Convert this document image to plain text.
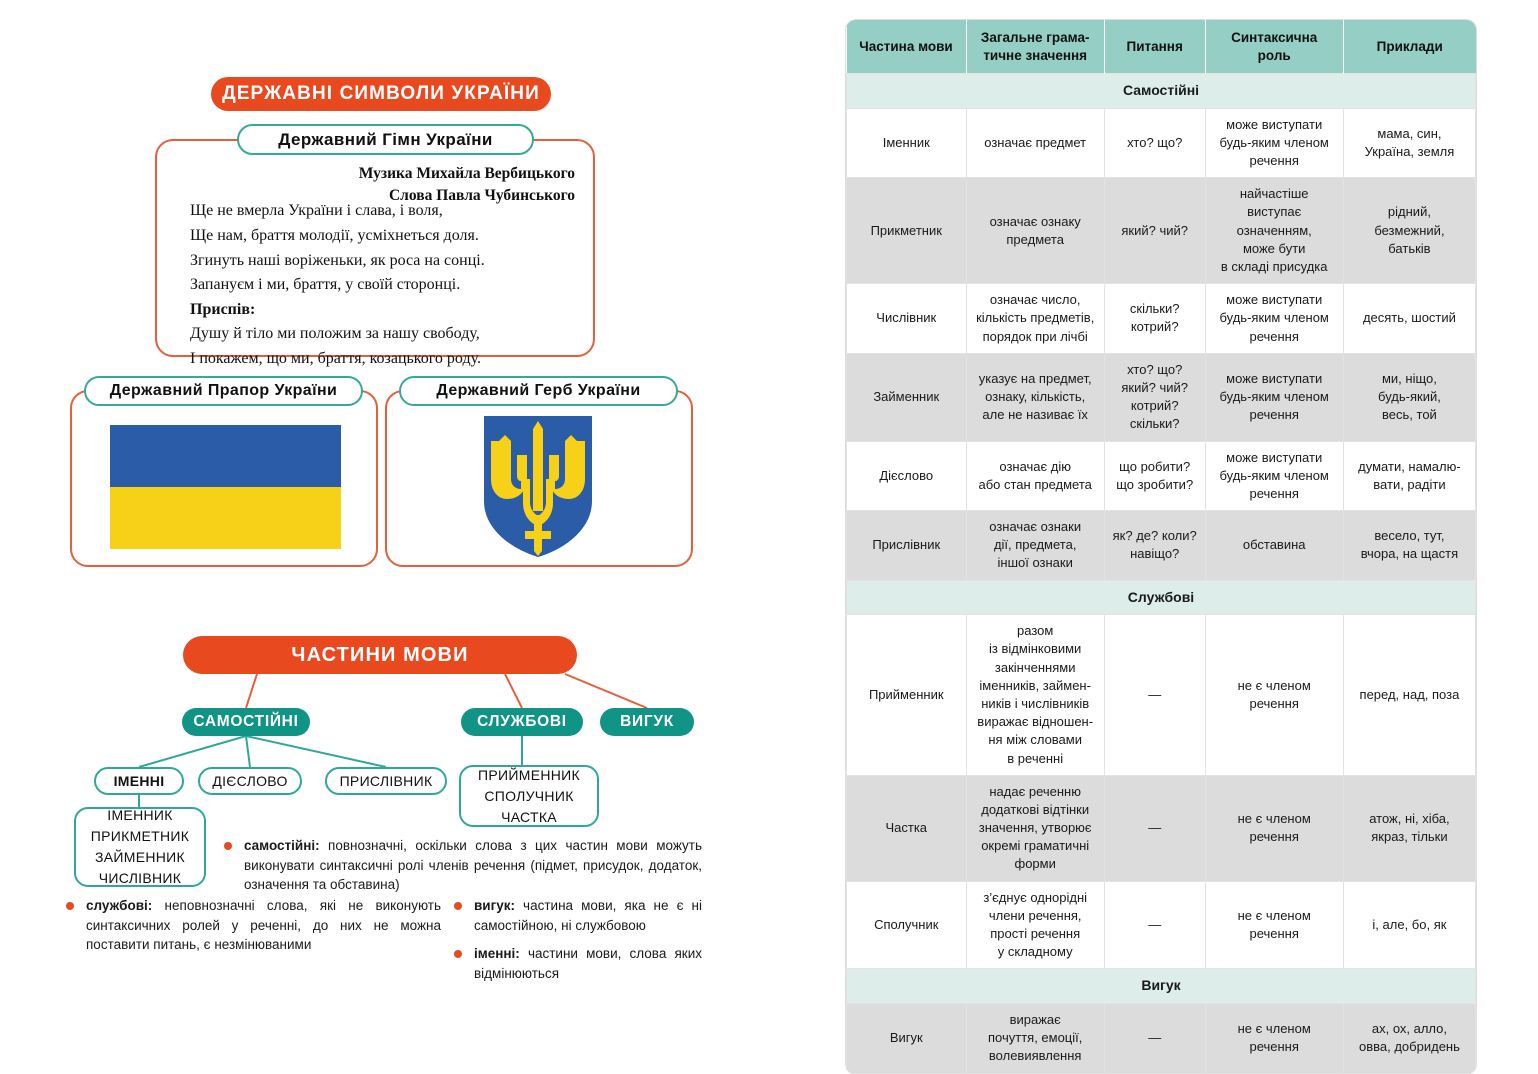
ДЕРЖАВНІ СИМВОЛИ УКРАЇНИ
Музика Михайла Вербицького
Слова Павла Чубинського
Ще не вмерла України і слава, і воля,
Ще нам, браття молодії, усміхнеться доля.
Згинуть наші воріженьки, як роса на сонці.
Запануєм і ми, браття, у своїй сторонці.
Приспів:
Душу й тіло ми положим за нашу свободу,
І покажем, що ми, браття, козацького роду.
Державний Гімн України
Державний Прапор України	Державний Герб України
ЧАСТИНИ МОВИ
САМОСТІЙНІ	СЛУЖБОВІ	ВИГУК
ІМЕННІ	ДІЄСЛОВО	ПРИСЛІВНИК	ПРИЙМЕННИК
СПОЛУЧНИК
ЧАСТКА
ІМЕННИК
ПРИКМЕТНИК
ЗАЙМЕННИК
ЧИСЛІВНИК
самостійні: повнозначні, оскільки слова з цих частин мови можуть виконувати синтаксичні ролі членів речення (підмет, присудок, додаток, означення та обставина)
службові: неповнозначні слова, які не виконують синтаксичних ролей у реченні, до них не можна поставити питань, є незмінюваними
вигук: частина мови, яка не є ні самостійною, ні службовою
іменні: частини мови, слова яких відмінюються
Частина мови	Загальне грама-
тичне значення	Питання	Синтаксична
роль	Приклади
Самостійні				
Іменник	означає предмет	хто? що?	може виступати
будь-яким членом
речення	мама, син,
Україна, земля
Прикметник	означає ознаку
предмета	який? чий?	найчастіше
виступає
означенням,
може бути
в складі присудка	рідний,
безмежний,
батьків
Числівник	означає число,
кількість предметів,
порядок при лічбі	скільки?
котрий?	може виступати
будь-яким членом
речення	десять, шостий
Займенник	указує на предмет,
ознаку, кількість,
але не називає їх	хто? що?
який? чий?
котрий?
скільки?	може виступати
будь-яким членом
речення	ми, ніщо,
будь-який,
весь, той
Дієслово	означає дію
або стан предмета	що робити?
що зробити?	може виступати
будь-яким членом
речення	думати, намалю-
вати, радіти
Прислівник	означає ознаки
дії, предмета,
іншої ознаки	як? де? коли?
навіщо?	обставина	весело, тут,
вчора, на щастя
Службові				
Прийменник	разом
із відмінковими
закінченнями
іменників, займен-
ників і числівників
виражає відношен-
ня між словами
в реченні	—	не є членом
речення	перед, над, поза
Частка	надає реченню
додаткові відтінки
значення, утворює
окремі граматичні
форми	—	не є членом
речення	атож, ні, хіба,
якраз, тільки
Сполучник	з’єднує однорідні
члени речення,
прості речення
у складному	—	не є членом
речення	і, але, бо, як
Вигук				
Вигук	виражає
почуття, емоції,
волевиявлення	—	не є членом
речення	ах, ох, алло,
овва, добридень
